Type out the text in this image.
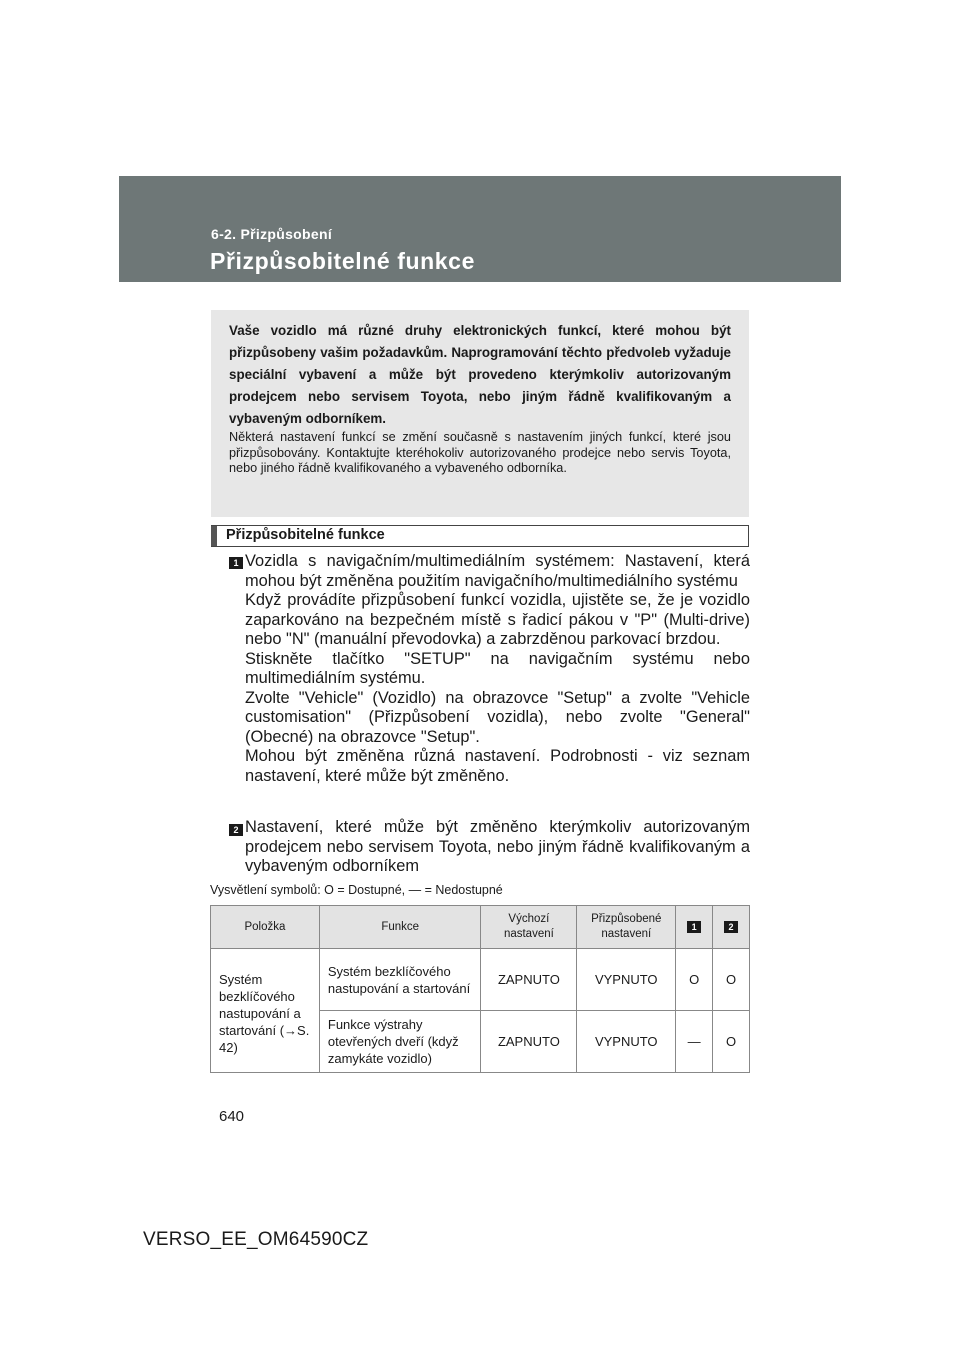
6-2. Přizpůsobení
Přizpůsobitelné funkce
Vaše vozidlo má různé druhy elektronických funkcí, které mohou být přizpůsobeny vašim požadavkům. Naprogramování těchto předvoleb vyžaduje speciální vybavení a může být provedeno kterýmkoliv autorizovaným prodejcem nebo servisem Toyota, nebo jiným řádně kvalifikovaným a vybaveným odborníkem.
Některá nastavení funkcí se změní současně s nastavením jiných funkcí, které jsou přizpůsobovány. Kontaktujte kteréhokoliv autorizovaného prodejce nebo servis Toyota, nebo jiného řádně kvalifikovaného a vybaveného odborníka.
Přizpůsobitelné funkce
1 Vozidla s navigačním/multimediálním systémem: Nastavení, která mohou být změněna použitím navigačního/multimediálního systému
Když provádíte přizpůsobení funkcí vozidla, ujistěte se, že je vozidlo zaparkováno na bezpečném místě s řadicí pákou v "P" (Multi-drive) nebo "N" (manuální převodovka) a zabrzděnou parkovací brzdou.
Stiskněte tlačítko "SETUP" na navigačním systému nebo multimediálním systému.
Zvolte "Vehicle" (Vozidlo) na obrazovce "Setup" a zvolte "Vehicle customisation" (Přizpůsobení vozidla), nebo zvolte "General" (Obecné) na obrazovce "Setup".
Mohou být změněna různá nastavení. Podrobnosti - viz seznam nastavení, které může být změněno.
2 Nastavení, které může být změněno kterýmkoliv autorizovaným prodejcem nebo servisem Toyota, nebo jiným řádně kvalifikovaným a vybaveným odborníkem
Vysvětlení symbolů: O = Dostupné, — = Nedostupné
Položka	Funkce	Výchozí nastavení	Přizpůsobené nastavení	1	2
Systém bezklíčového nastupování a startování (→S. 42)	Systém bezklíčového nastupování a startování	ZAPNUTO	VYPNUTO	O	O
	Funkce výstrahy otevřených dveří (když zamykáte vozidlo)	ZAPNUTO	VYPNUTO	—	O
640
VERSO_EE_OM64590CZ
